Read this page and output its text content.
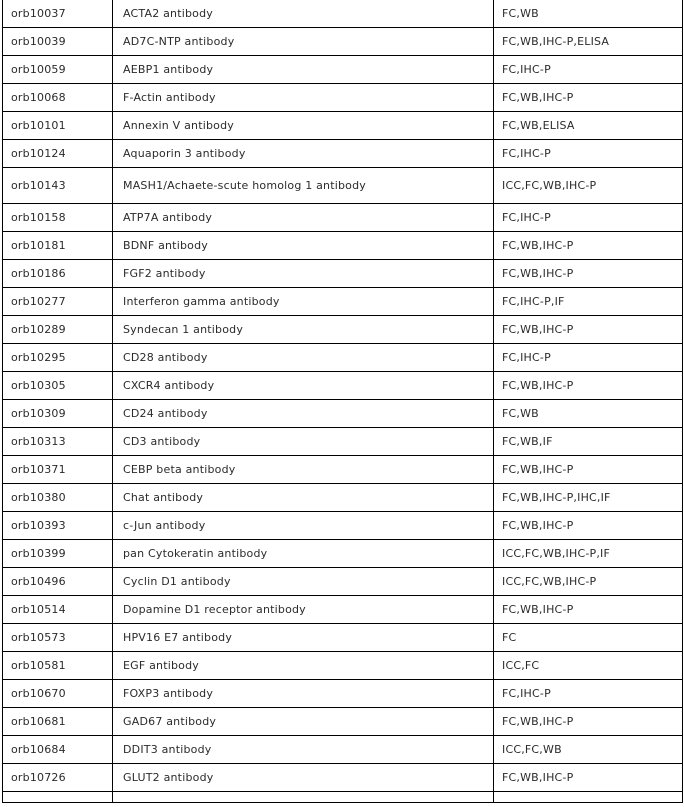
orb10037	ACTA2 antibody	FC,WB
orb10039	AD7C-NTP antibody	FC,WB,IHC-P,ELISA
orb10059	AEBP1 antibody	FC,IHC-P
orb10068	F-Actin antibody	FC,WB,IHC-P
orb10101	Annexin V antibody	FC,WB,ELISA
orb10124	Aquaporin 3 antibody	FC,IHC-P
orb10143	MASH1/Achaete-scute homolog 1 antibody	ICC,FC,WB,IHC-P
orb10158	ATP7A antibody	FC,IHC-P
orb10181	BDNF antibody	FC,WB,IHC-P
orb10186	FGF2 antibody	FC,WB,IHC-P
orb10277	Interferon gamma antibody	FC,IHC-P,IF
orb10289	Syndecan 1 antibody	FC,WB,IHC-P
orb10295	CD28 antibody	FC,IHC-P
orb10305	CXCR4 antibody	FC,WB,IHC-P
orb10309	CD24 antibody	FC,WB
orb10313	CD3 antibody	FC,WB,IF
orb10371	CEBP beta antibody	FC,WB,IHC-P
orb10380	Chat antibody	FC,WB,IHC-P,IHC,IF
orb10393	c-Jun antibody	FC,WB,IHC-P
orb10399	pan Cytokeratin antibody	ICC,FC,WB,IHC-P,IF
orb10496	Cyclin D1 antibody	ICC,FC,WB,IHC-P
orb10514	Dopamine D1 receptor antibody	FC,WB,IHC-P
orb10573	HPV16 E7 antibody	FC
orb10581	EGF antibody	ICC,FC
orb10670	FOXP3 antibody	FC,IHC-P
orb10681	GAD67 antibody	FC,WB,IHC-P
orb10684	DDIT3 antibody	ICC,FC,WB
orb10726	GLUT2 antibody	FC,WB,IHC-P
